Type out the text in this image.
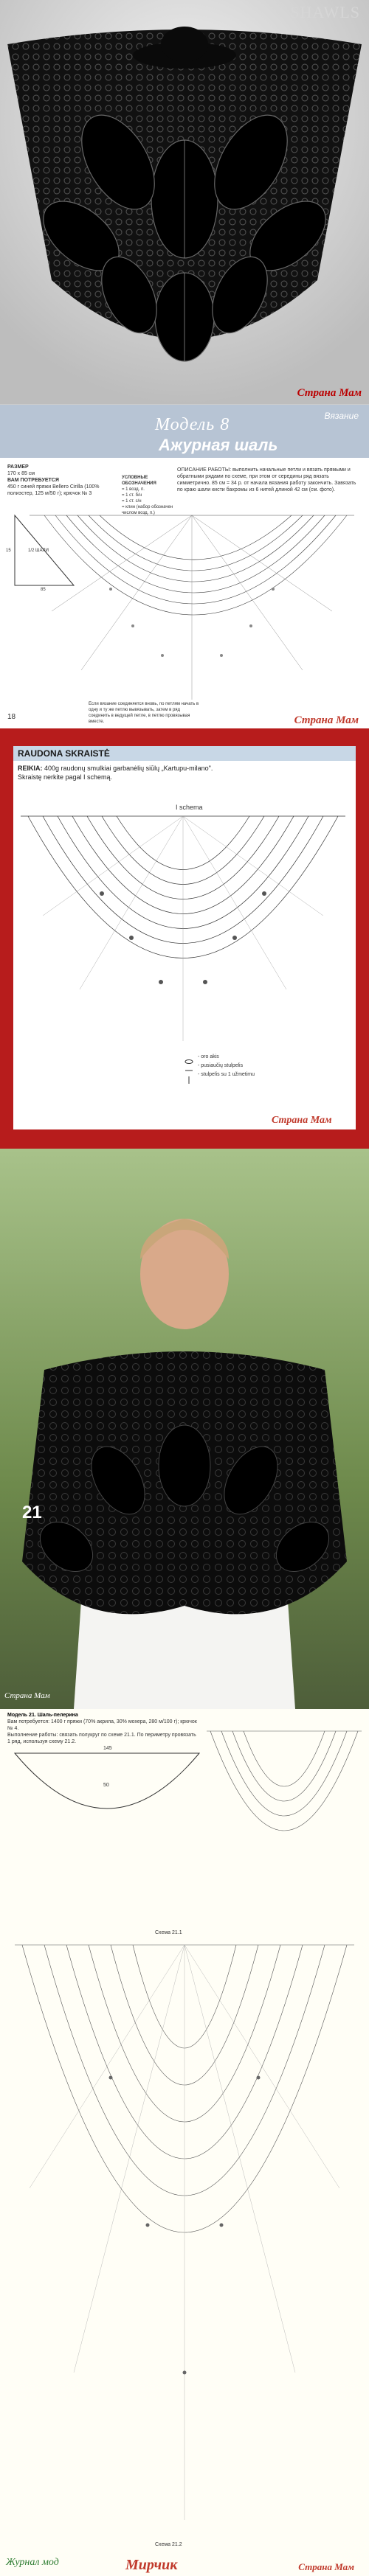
SHAWLS
Страна Мам
Модель 8
Ажурная шаль
Вязание
РАЗМЕР
170 x 85 см
ВАМ ПОТРЕБУЕТСЯ
450 г синей пряжи Bellero Cirilla (100% полиэстер, 125 м/50 г); крючок № 3
УСЛОВНЫЕ ОБОЗНАЧЕНИЯ
= 1 возд. п.
= 1 ст. б/н
= 1 ст. с/н
= клин (набор обозначен числом возд. п.)
ОПИСАНИЕ РАБОТЫ: выполнить начальные петли и вязать прямыми и обратными рядами по схеме, при этом от середины ряд вязать симметрично. 85 см = 34 р. от начала вязания работу закончить. Завязать по краю шали кисти бахромы из 6 нитей длиной 42 см (см. фото).
1/2 ШАЛИ
15
85
Если вязание соединяется вновь, по петлям начать в одну и ту же петлю вывязывать, затем в ряд соединить в ведущей петле, в петлю провязывая вместе.
18	Страна Мам
RAUDONA SKRAISTĖ
REIKIA: 400g raudonų smulkiai garbanėlių siūlų „Kartupu-milano".
Skraistę nerkite pagal I schemą.
I schema
- oro akis
- pusiaučių stulpelis
- stulpelis su 1 užmetimu
Страна Мам
21
Страна Мам
Модель 21. Шаль-пелерина
Вам потребуется: 1400 г пряжи (70% акрила, 30% мохера, 280 м/100 г); крючок № 4.
Выполнение работы: связать полукруг по схеме 21.1. По периметру провязать 1 ряд, используя схему 21.2.
Схема 21.1
Схема 21.2
145
50
Журнал мод	Мирчик	Страна Мам
